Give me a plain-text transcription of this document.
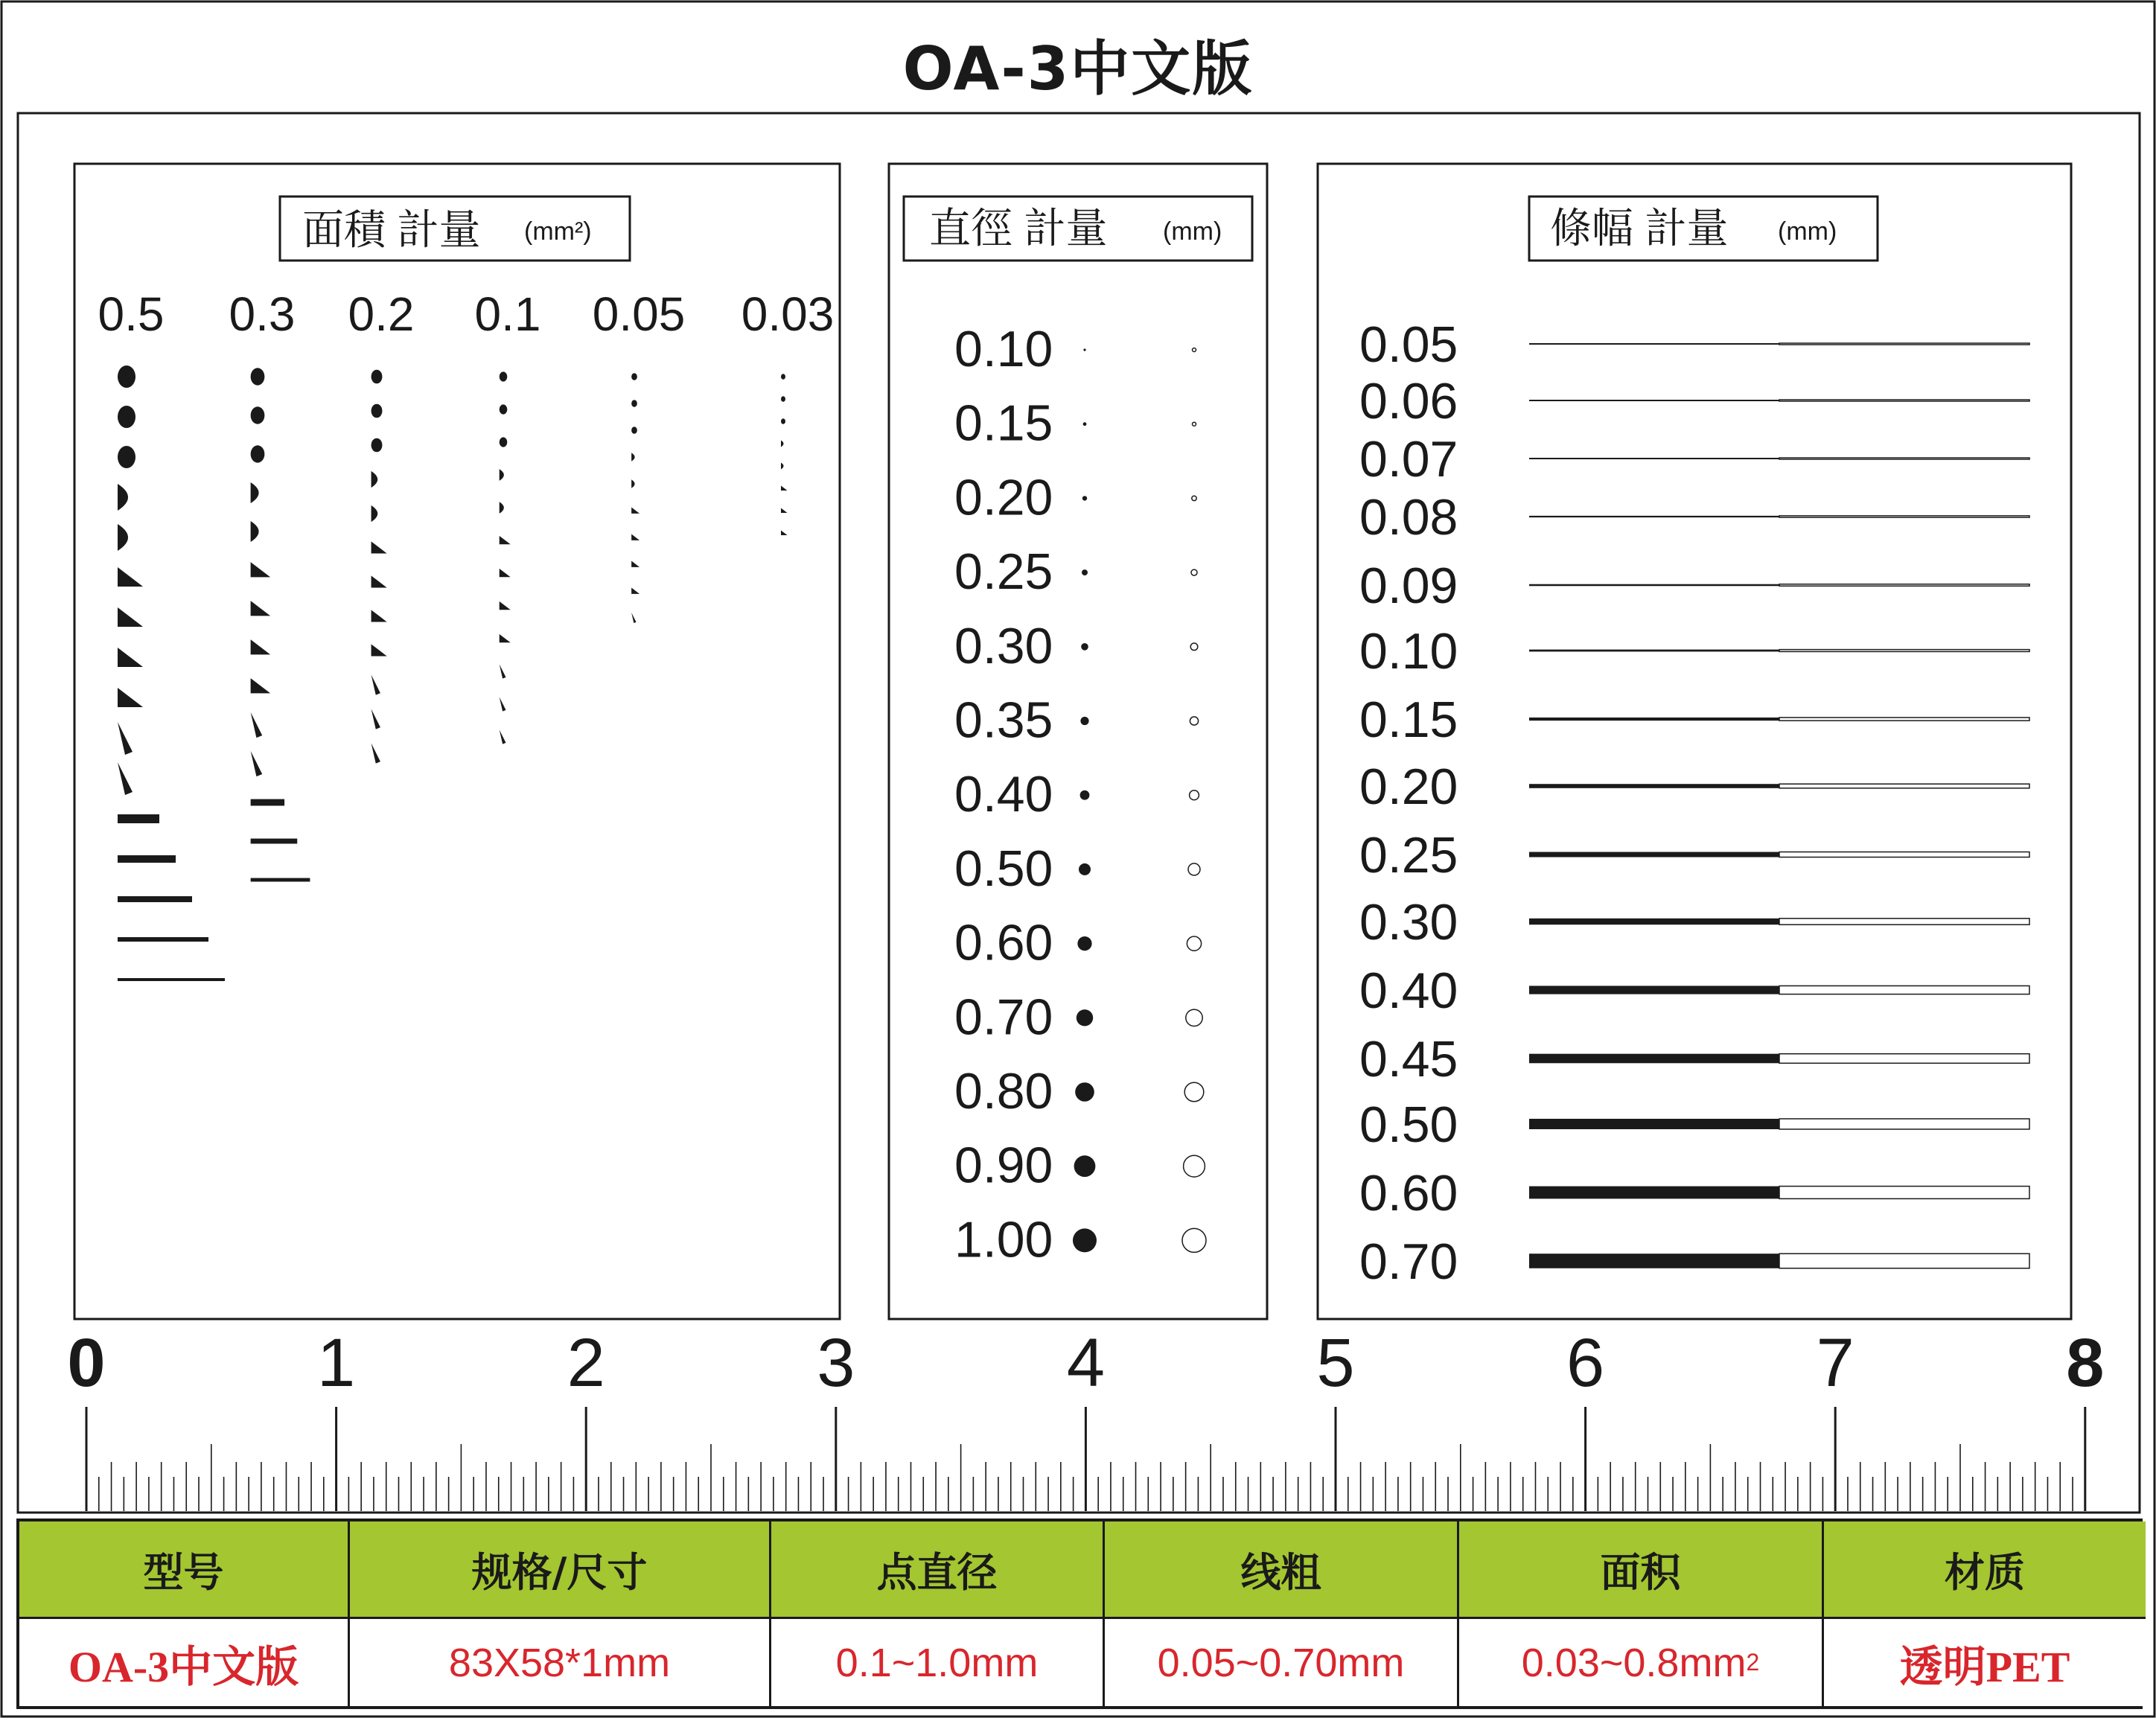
OA-3中文版
面積 計量 (mm²)
0.5 0.3 0.2 0.1 0.05 0.03
直徑 計量 (mm)
0.10
0.15
0.20
0.25
0.30
0.35
0.40
0.50
0.60
0.70
0.80
0.90
1.00
條幅 計量 (mm)
0.05
0.06
0.07
0.08
0.09
0.10
0.15
0.20
0.25
0.30
0.40
0.45
0.50
0.60
0.70
0	1	2	3	4	5	6	7	8
型号	规格/尺寸	点直径	线粗	面积	材质
OA-3中文版	83X58*1mm	0.1~1.0mm	0.05~0.70mm	0.03~0.8mm 2	透明PET
